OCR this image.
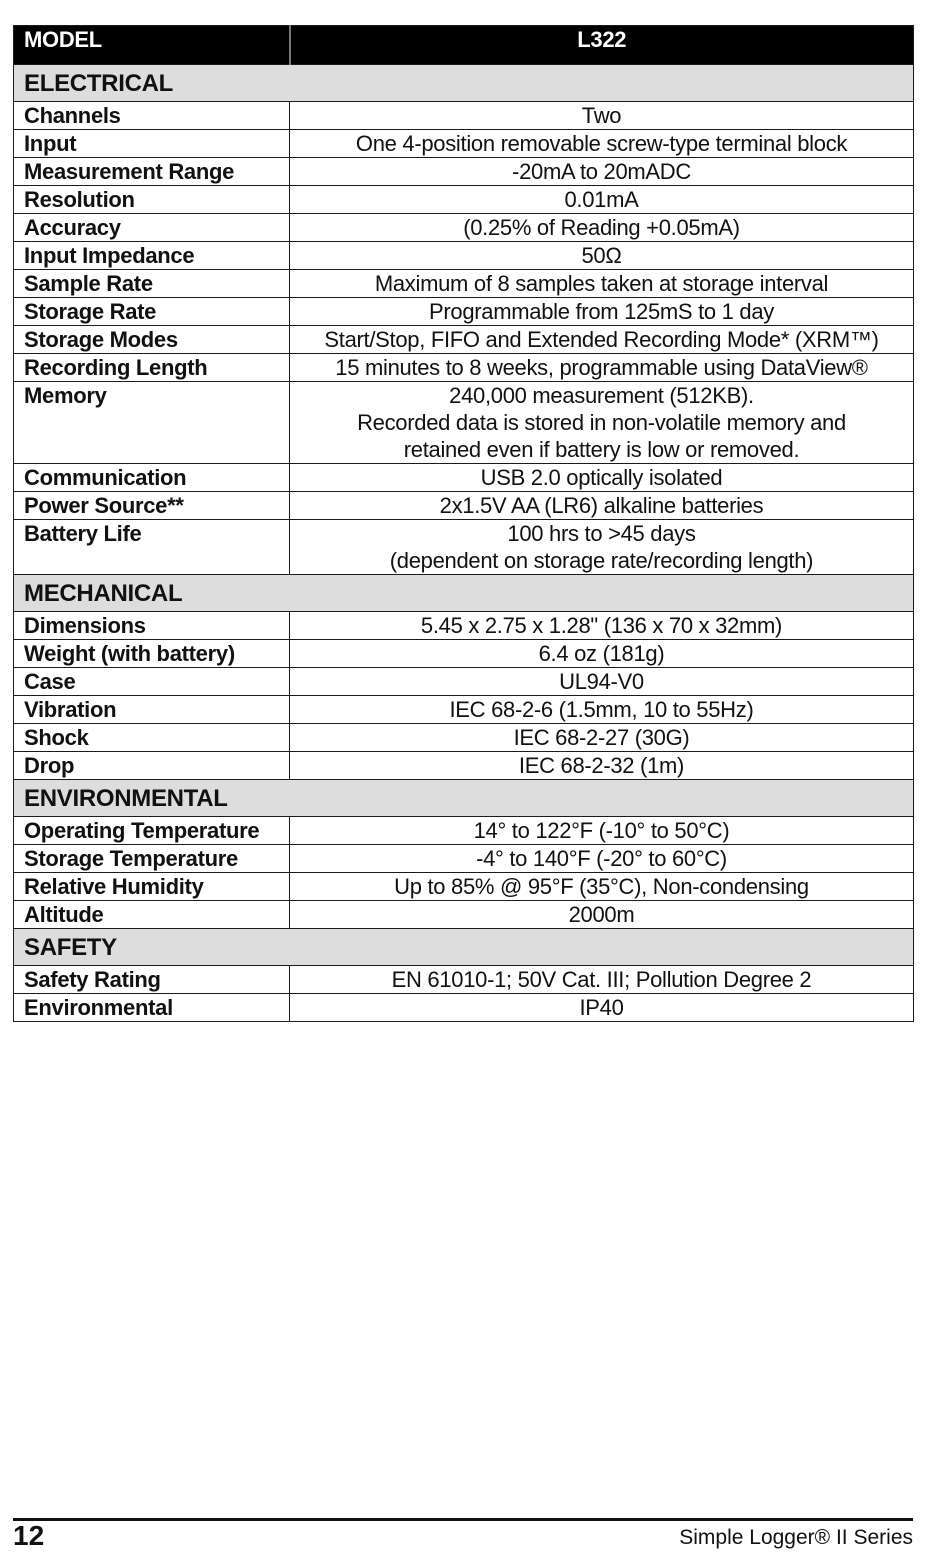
MODEL	L322
ELECTRICAL	
Channels	Two
Input	One 4-position removable screw-type terminal block
Measurement Range	-20mA to 20mADC
Resolution	0.01mA
Accuracy	(0.25% of Reading +0.05mA)
Input Impedance	50Ω
Sample Rate	Maximum of 8 samples taken at storage interval
Storage Rate	Programmable from 125mS to 1 day
Storage Modes	Start/Stop, FIFO and Extended Recording Mode* (XRM™)
Recording Length	15 minutes to 8 weeks, programmable using DataView®
Memory	240,000 measurement (512KB).
Recorded data is stored in non-volatile memory and
retained even if battery is low or removed.

Communication	USB 2.0 optically isolated
Power Source**	2x1.5V AA (LR6) alkaline batteries
Battery Life	100 hrs to >45 days
(dependent on storage rate/recording length)

MECHANICAL	
Dimensions	5.45 x 2.75 x 1.28" (136 x 70 x 32mm)
Weight (with battery)	6.4 oz (181g)
Case	UL94-V0
Vibration	IEC 68-2-6 (1.5mm, 10 to 55Hz)
Shock	IEC 68-2-27 (30G)
Drop	IEC 68-2-32 (1m)
ENVIRONMENTAL	
Operating Temperature	14° to 122°F (-10° to 50°C)
Storage Temperature	-4° to 140°F (-20° to 60°C)
Relative Humidity	Up to 85% @ 95°F (35°C), Non-condensing
Altitude	2000m
SAFETY	
Safety Rating	EN 61010-1; 50V Cat. III; Pollution Degree 2
Environmental	IP40
12	Simple Logger® II Series
